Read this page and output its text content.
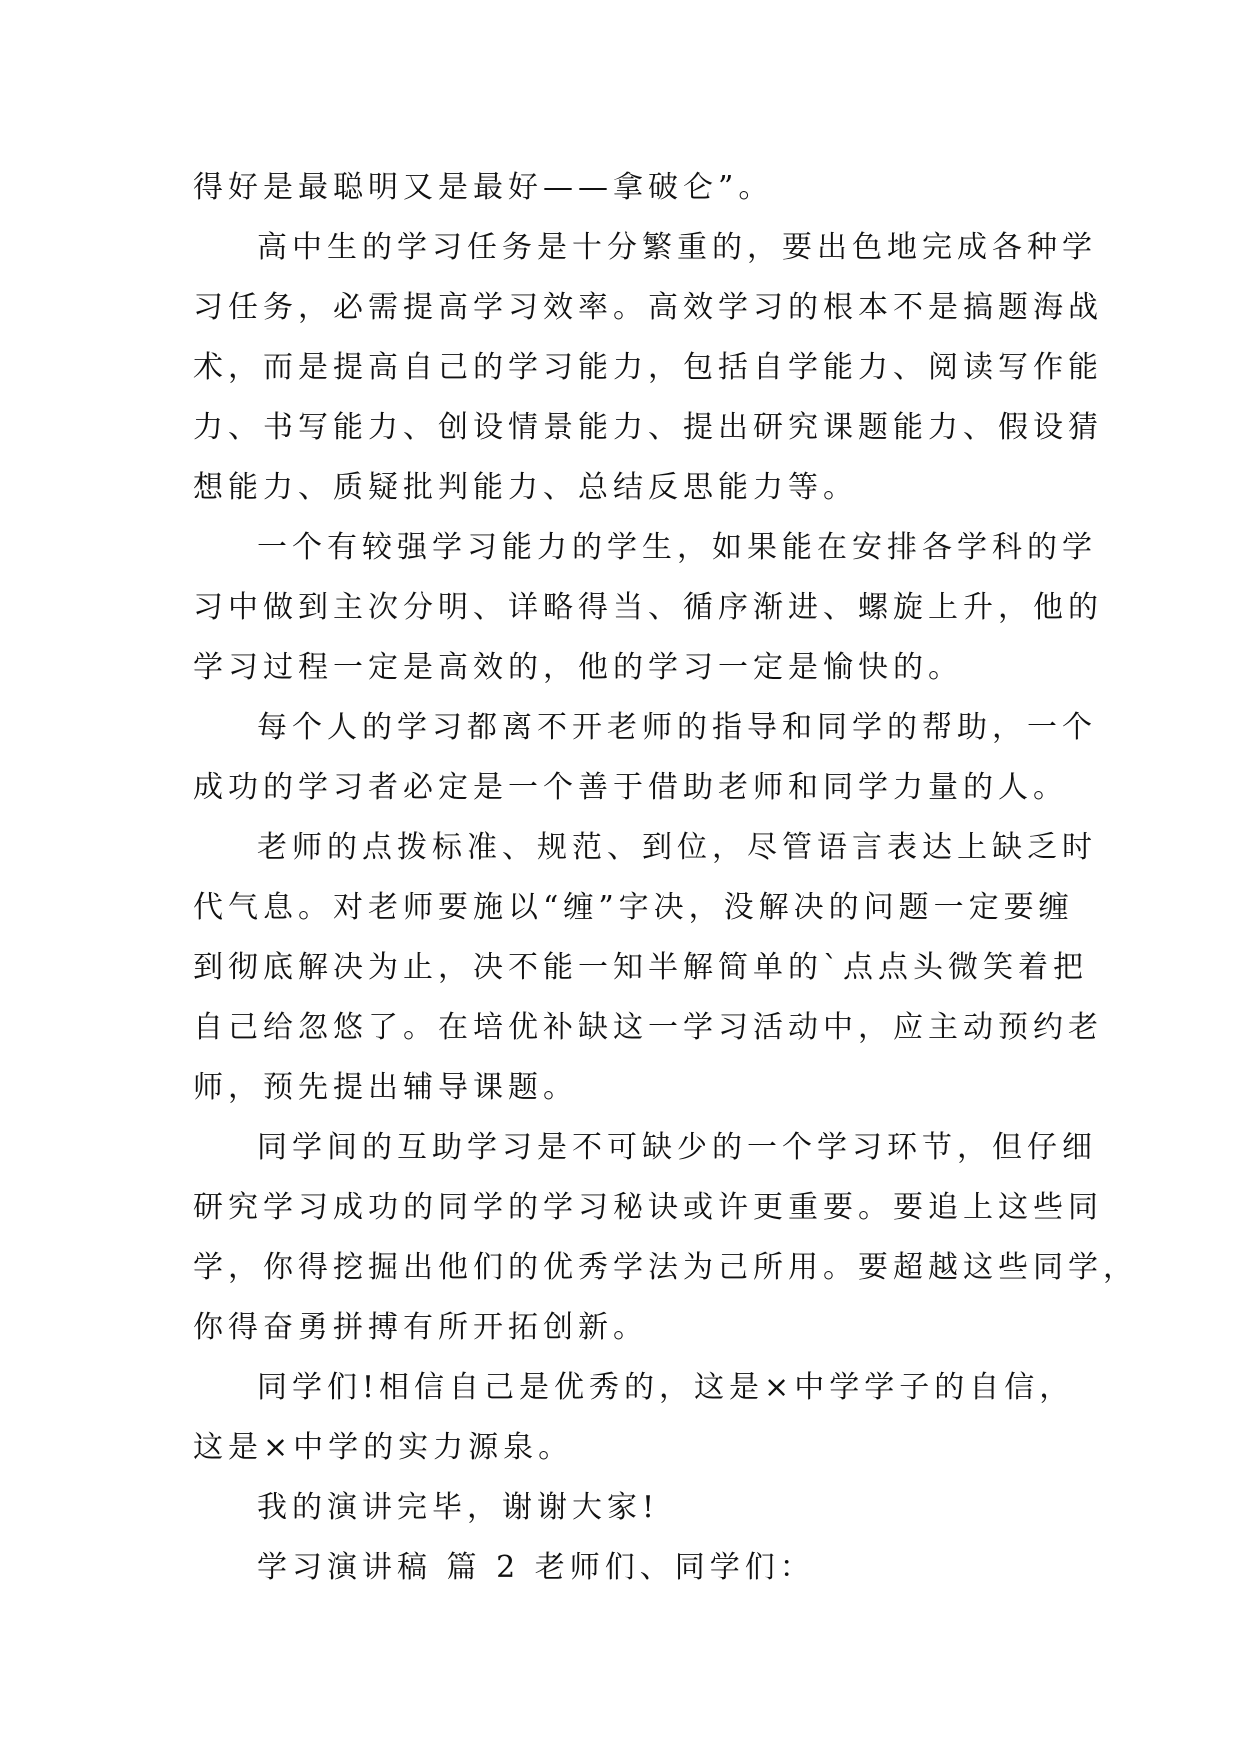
得好是最聪明又是最好——拿破仑”。
高中生的学习任务是十分繁重的，要出色地完成各种学
习任务，必需提高学习效率。高效学习的根本不是搞题海战
术，而是提高自己的学习能力，包括自学能力、阅读写作能
力、书写能力、创设情景能力、提出研究课题能力、假设猜
想能力、质疑批判能力、总结反思能力等。
一个有较强学习能力的学生，如果能在安排各学科的学
习中做到主次分明、详略得当、循序渐进、螺旋上升，他的
学习过程一定是高效的，他的学习一定是愉快的。
每个人的学习都离不开老师的指导和同学的帮助，一个
成功的学习者必定是一个善于借助老师和同学力量的人。
老师的点拨标准、规范、到位，尽管语言表达上缺乏时
代气息。对老师要施以“缠”字决，没解决的问题一定要缠
到彻底解决为止，决不能一知半解简单的`点点头微笑着把
自己给忽悠了。在培优补缺这一学习活动中，应主动预约老
师，预先提出辅导课题。
同学间的互助学习是不可缺少的一个学习环节，但仔细
研究学习成功的同学的学习秘诀或许更重要。要追上这些同
学，你得挖掘出他们的优秀学法为己所用。要超越这些同学，
你得奋勇拼搏有所开拓创新。
同学们!相信自己是优秀的，这是×中学学子的自信，
这是×中学的实力源泉。
我的演讲完毕，谢谢大家!
学习演讲稿 篇 2 老师们、同学们：
